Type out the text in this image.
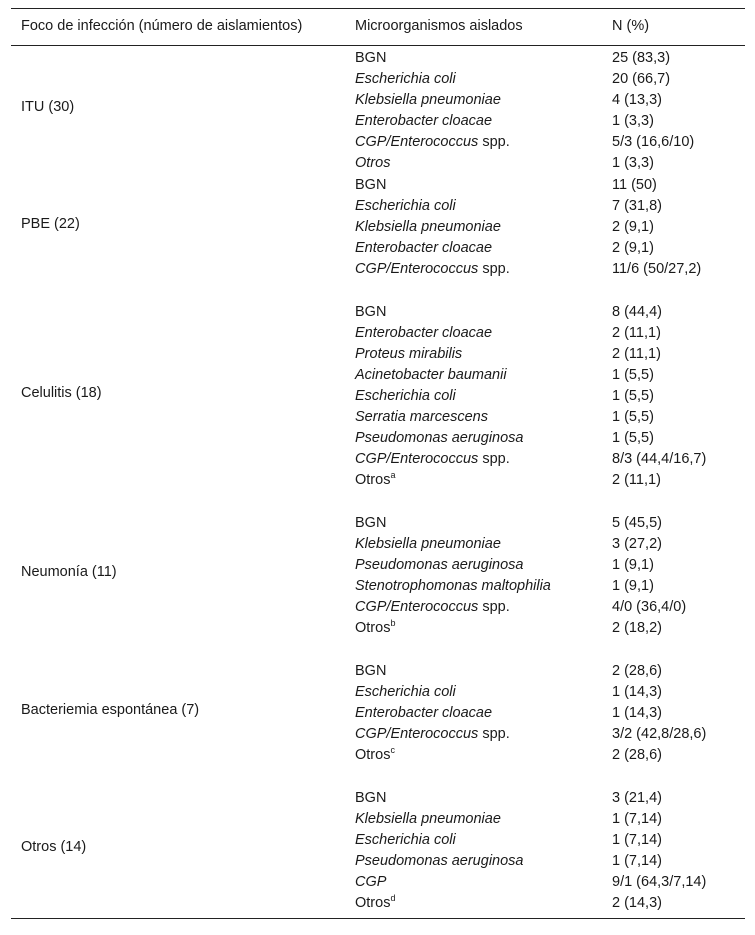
Foco de infección (número de aislamientos)	Microorganismos aislados	N (%)
ITU (30)
BGN	25 (83,3)
Escherichia coli	20 (66,7)
Klebsiella pneumoniae	4 (13,3)
Enterobacter cloacae	1 (3,3)
CGP/Enterococcus spp.	5/3 (16,6/10)
Otros	1 (3,3)
PBE (22)
BGN	11 (50)
Escherichia coli	7 (31,8)
Klebsiella pneumoniae	2 (9,1)
Enterobacter cloacae	2 (9,1)
CGP/Enterococcus spp.	11/6 (50/27,2)
Celulitis (18)
BGN	8 (44,4)
Enterobacter cloacae	2 (11,1)
Proteus mirabilis	2 (11,1)
Acinetobacter baumanii	1 (5,5)
Escherichia coli	1 (5,5)
Serratia marcescens	1 (5,5)
Pseudomonas aeruginosa	1 (5,5)
CGP/Enterococcus spp.	8/3 (44,4/16,7)
Otros$^a$	2 (11,1)
Neumonía (11)
BGN	5 (45,5)
Klebsiella pneumoniae	3 (27,2)
Pseudomonas aeruginosa	1 (9,1)
Stenotrophomonas maltophilia	1 (9,1)
CGP/Enterococcus spp.	4/0 (36,4/0)
Otros$^b$	2 (18,2)
Bacteriemia espontánea (7)
BGN	2 (28,6)
Escherichia coli	1 (14,3)
Enterobacter cloacae	1 (14,3)
CGP/Enterococcus spp.	3/2 (42,8/28,6)
Otros$^c$	2 (28,6)
Otros (14)
BGN	3 (21,4)
Klebsiella pneumoniae	1 (7,14)
Escherichia coli	1 (7,14)
Pseudomonas aeruginosa	1 (7,14)
CGP	9/1 (64,3/7,14)
Otros$^d$	2 (14,3)
